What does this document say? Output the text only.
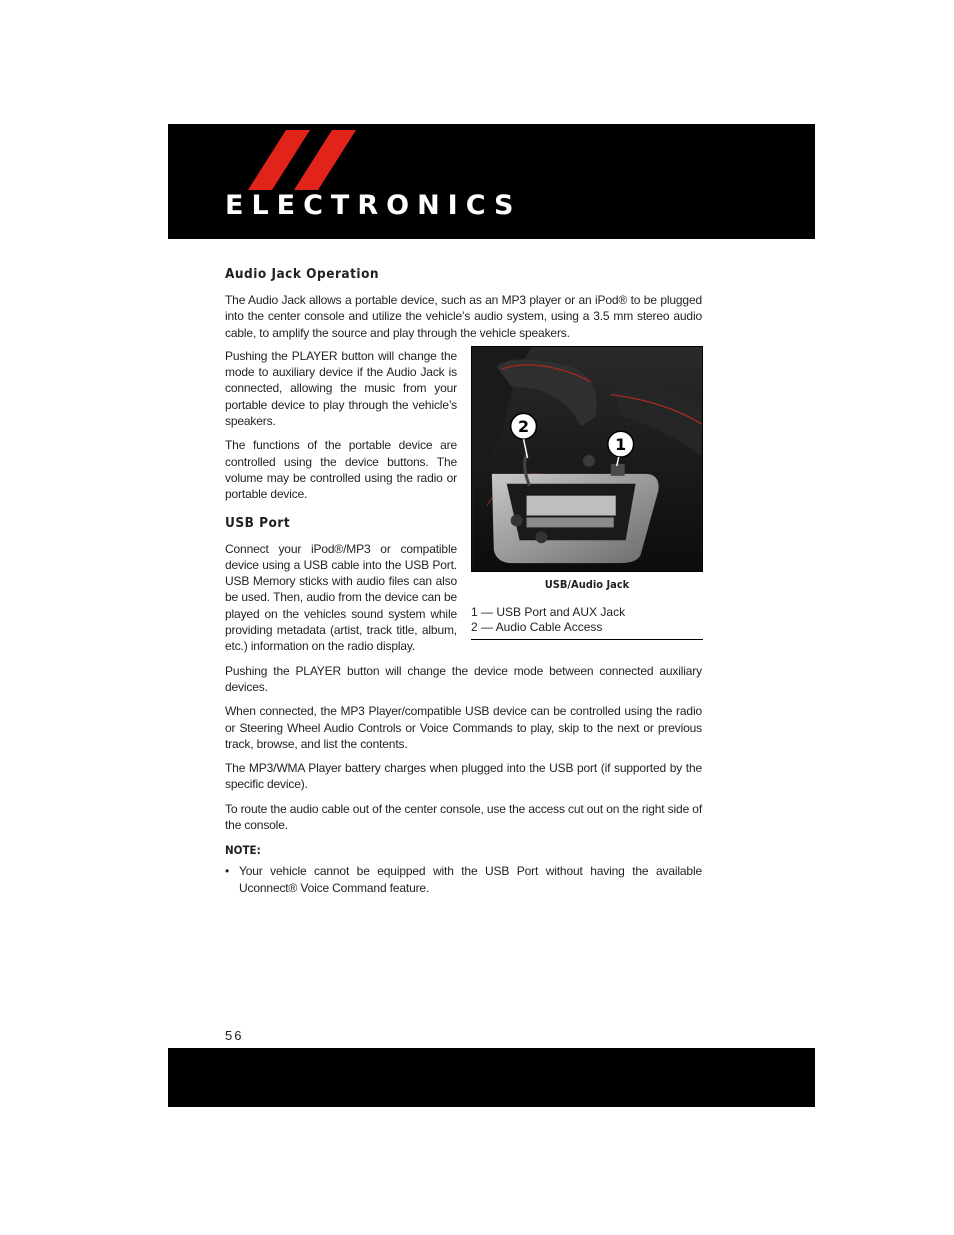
ELECTRONICS
Audio Jack Operation

The Audio Jack allows a portable device, such as an MP3 player or an iPod® to be plugged into the center console and utilize the vehicle’s audio system, using a 3.5 mm stereo audio cable, to amplify the source and play through the vehicle speakers.

Pushing the PLAYER button will change the mode to auxiliary device if the Audio Jack is connected, allowing the music from your portable device to play through the vehicle’s speakers.

The functions of the portable device are controlled using the device buttons. The volume may be controlled using the radio or portable device.

USB Port

Connect your iPod®/MP3 or compatible device using a USB cable into the USB Port. USB Memory sticks with audio files can also be used. Then, audio from the device can be played on the vehicles sound system while providing metadata (artist, track title, album, etc.) information on the radio display.

Pushing the PLAYER button will change the device mode between connected auxiliary devices.

When connected, the MP3 Player/compatible USB device can be controlled using the radio or Steering Wheel Audio Controls or Voice Commands to play, skip to the next or previous track, browse, and list the contents.

The MP3/WMA Player battery charges when plugged into the USB port (if supported by the specific device).

To route the audio cable out of the center console, use the access cut out on the right side of the console.

NOTE:
• Your vehicle cannot be equipped with the USB Port without having the available Uconnect® Voice Command feature.
2
1
USB/Audio Jack
1 — USB Port and AUX Jack
2 — Audio Cable Access
56
